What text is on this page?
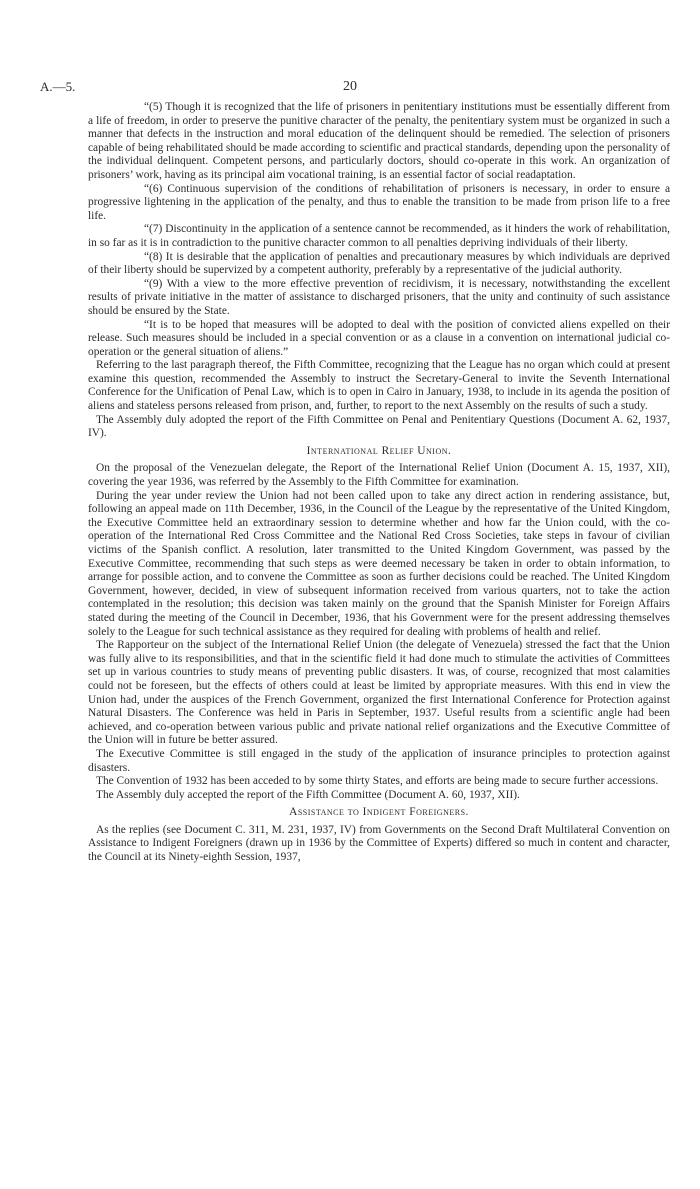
A.—5.	20

“(5) Though it is recognized that the life of prisoners in penitentiary institutions must be essentially different from a life of freedom, in order to preserve the punitive character of the penalty, the penitentiary system must be organized in such a manner that defects in the instruction and moral education of the delinquent should be remedied. The selection of prisoners capable of being rehabilitated should be made according to scientific and practical standards, depending upon the personality of the individual delinquent. Competent persons, and particularly doctors, should co-operate in this work. An organization of prisoners’ work, having as its principal aim vocational training, is an essential factor of social readaptation.

“(6) Continuous supervision of the conditions of rehabilitation of prisoners is necessary, in order to ensure a progressive lightening in the application of the penalty, and thus to enable the transition to be made from prison life to a free life.

“(7) Discontinuity in the application of a sentence cannot be recommended, as it hinders the work of rehabilitation, in so far as it is in contradiction to the punitive character common to all penalties depriving individuals of their liberty.

“(8) It is desirable that the application of penalties and precautionary measures by which individuals are deprived of their liberty should be supervized by a competent authority, preferably by a representative of the judicial authority.

“(9) With a view to the more effective prevention of recidivism, it is necessary, notwithstanding the excellent results of private initiative in the matter of assistance to discharged prisoners, that the unity and continuity of such assistance should be ensured by the State.

“It is to be hoped that measures will be adopted to deal with the position of convicted aliens expelled on their release. Such measures should be included in a special convention or as a clause in a convention on international judicial co-operation or the general situation of aliens.”

Referring to the last paragraph thereof, the Fifth Committee, recognizing that the League has no organ which could at present examine this question, recommended the Assembly to instruct the Secretary-General to invite the Seventh International Conference for the Unification of Penal Law, which is to open in Cairo in January, 1938, to include in its agenda the position of aliens and stateless persons released from prison, and, further, to report to the next Assembly on the results of such a study.

The Assembly duly adopted the report of the Fifth Committee on Penal and Penitentiary Questions (Document A. 62, 1937, IV).

International Relief Union.

On the proposal of the Venezuelan delegate, the Report of the International Relief Union (Document A. 15, 1937, XII), covering the year 1936, was referred by the Assembly to the Fifth Committee for examination.

During the year under review the Union had not been called upon to take any direct action in rendering assistance, but, following an appeal made on 11th December, 1936, in the Council of the League by the representative of the United Kingdom, the Executive Committee held an extraordinary session to determine whether and how far the Union could, with the co-operation of the International Red Cross Committee and the National Red Cross Societies, take steps in favour of civilian victims of the Spanish conflict. A resolution, later transmitted to the United Kingdom Government, was passed by the Executive Committee, recommending that such steps as were deemed necessary be taken in order to obtain information, to arrange for possible action, and to convene the Committee as soon as further decisions could be reached. The United Kingdom Government, however, decided, in view of subsequent information received from various quarters, not to take the action contemplated in the resolution; this decision was taken mainly on the ground that the Spanish Minister for Foreign Affairs stated during the meeting of the Council in December, 1936, that his Government were for the present addressing themselves solely to the League for such technical assistance as they required for dealing with problems of health and relief.

The Rapporteur on the subject of the International Relief Union (the delegate of Venezuela) stressed the fact that the Union was fully alive to its responsibilities, and that in the scientific field it had done much to stimulate the activities of Committees set up in various countries to study means of preventing public disasters. It was, of course, recognized that most calamities could not be foreseen, but the effects of others could at least be limited by appropriate measures. With this end in view the Union had, under the auspices of the French Government, organized the first International Conference for Protection against Natural Disasters. The Conference was held in Paris in September, 1937. Useful results from a scientific angle had been achieved, and co-operation between various public and private national relief organizations and the Executive Committee of the Union will in future be better assured.

The Executive Committee is still engaged in the study of the application of insurance principles to protection against disasters.

The Convention of 1932 has been acceded to by some thirty States, and efforts are being made to secure further accessions.

The Assembly duly accepted the report of the Fifth Committee (Document A. 60, 1937, XII).

Assistance to Indigent Foreigners.

As the replies (see Document C. 311, M. 231, 1937, IV) from Governments on the Second Draft Multilateral Convention on Assistance to Indigent Foreigners (drawn up in 1936 by the Committee of Experts) differed so much in content and character, the Council at its Ninety-eighth Session, 1937,
